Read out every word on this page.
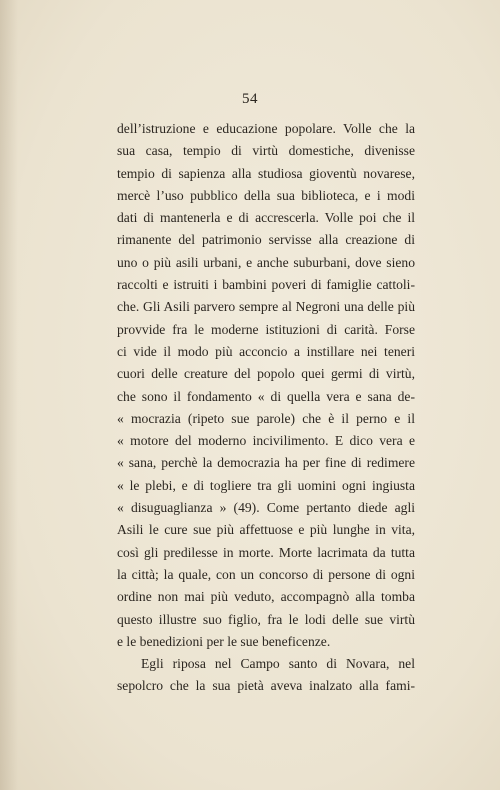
54
dell’istruzione e educazione popolare. Volle che la
sua casa, tempio di virtù domestiche, divenisse
tempio di sapienza alla studiosa gioventù novarese,
mercè l’uso pubblico della sua biblioteca, e i modi
dati di mantenerla e di accrescerla. Volle poi che il
rimanente del patrimonio servisse alla creazione di
uno o più asili urbani, e anche suburbani, dove sieno
raccolti e istruiti i bambini poveri di famiglie cattoli-
che. Gli Asili parvero sempre al Negroni una delle più
provvide fra le moderne istituzioni di carità. Forse
ci vide il modo più acconcio a instillare nei teneri
cuori delle creature del popolo quei germi di virtù,
che sono il fondamento « di quella vera e sana de-
« mocrazia (ripeto sue parole) che è il perno e il
« motore del moderno incivilimento. E dico vera e
« sana, perchè la democrazia ha per fine di redimere
« le plebi, e di togliere tra gli uomini ogni ingiusta
« disuguaglianza » (49). Come pertanto diede agli
Asili le cure sue più affettuose e più lunghe in vita,
così gli predilesse in morte. Morte lacrimata da tutta
la città; la quale, con un concorso di persone di ogni
ordine non mai più veduto, accompagnò alla tomba
questo illustre suo figlio, fra le lodi delle sue virtù
e le benedizioni per le sue beneficenze.
Egli riposa nel Campo santo di Novara, nel
sepolcro che la sua pietà aveva inalzato alla fami-
